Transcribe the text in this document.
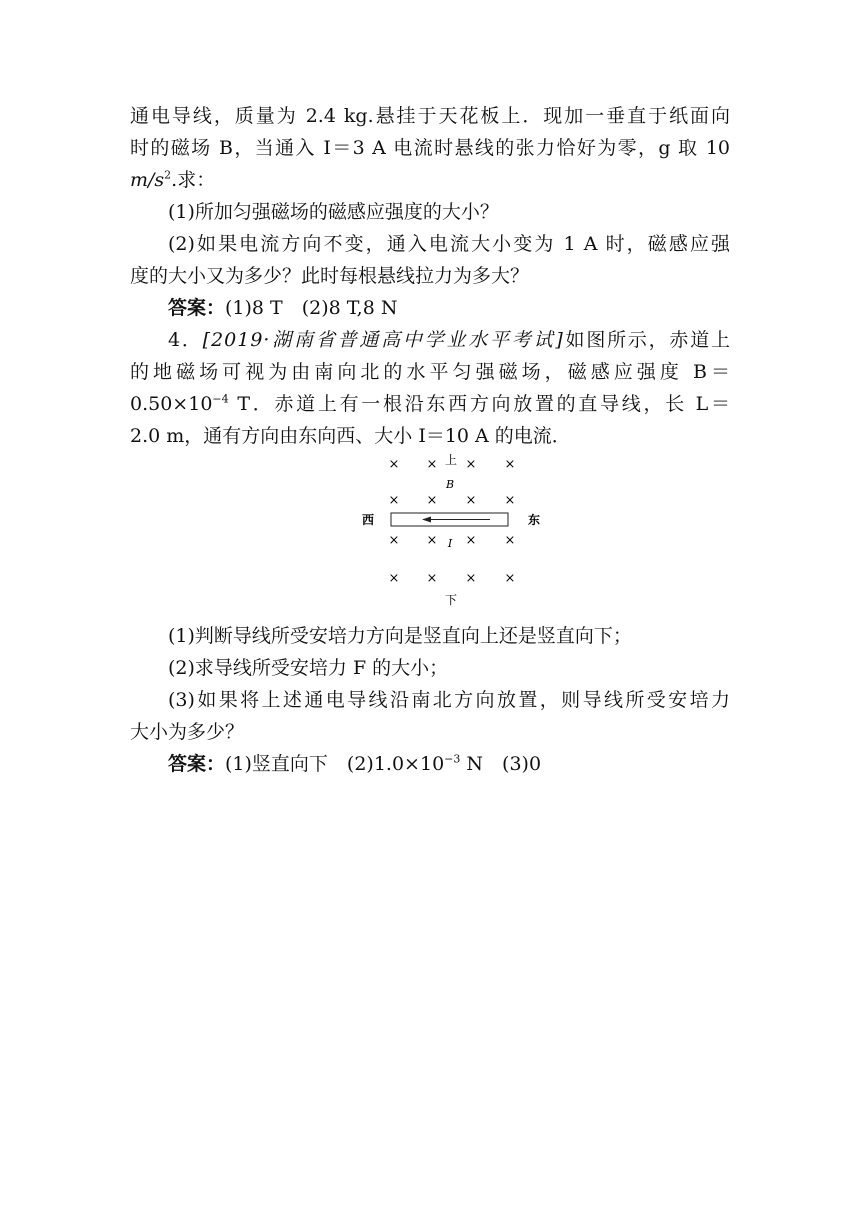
通电导线，质量为 2.4 kg.悬挂于天花板上．现加一垂直于纸面向
时的磁场 B，当通入 I＝3 A 电流时悬线的张力恰好为零，g 取 10
$m/s^2$.求：
(1)所加匀强磁场的磁感应强度的大小？
(2)如果电流方向不变，通入电流大小变为 1 A 时，磁感应强
度的大小又为多少？此时每根悬线拉力为多大？
答案：(1)8 T　(2)8 T,8 N
4．[2019·湖南省普通高中学业水平考试]如图所示，赤道上
的地磁场可视为由南向北的水平匀强磁场，磁感应强度 B＝
$0.50\times 10^{-4}$ T．赤道上有一根沿东西方向放置的直导线，长 L＝
2.0 m，通有方向由东向西、大小 I＝10 A 的电流．
上
× × × ×
B
× × × ×
西	东
× × I × ×
× × × ×
下
(1)判断导线所受安培力方向是竖直向上还是竖直向下；
(2)求导线所受安培力 F 的大小；
(3)如果将上述通电导线沿南北方向放置，则导线所受安培力
大小为多少？
答案：(1)竖直向下　$(2)1.0\times 10^{-3}$ N　(3)0
